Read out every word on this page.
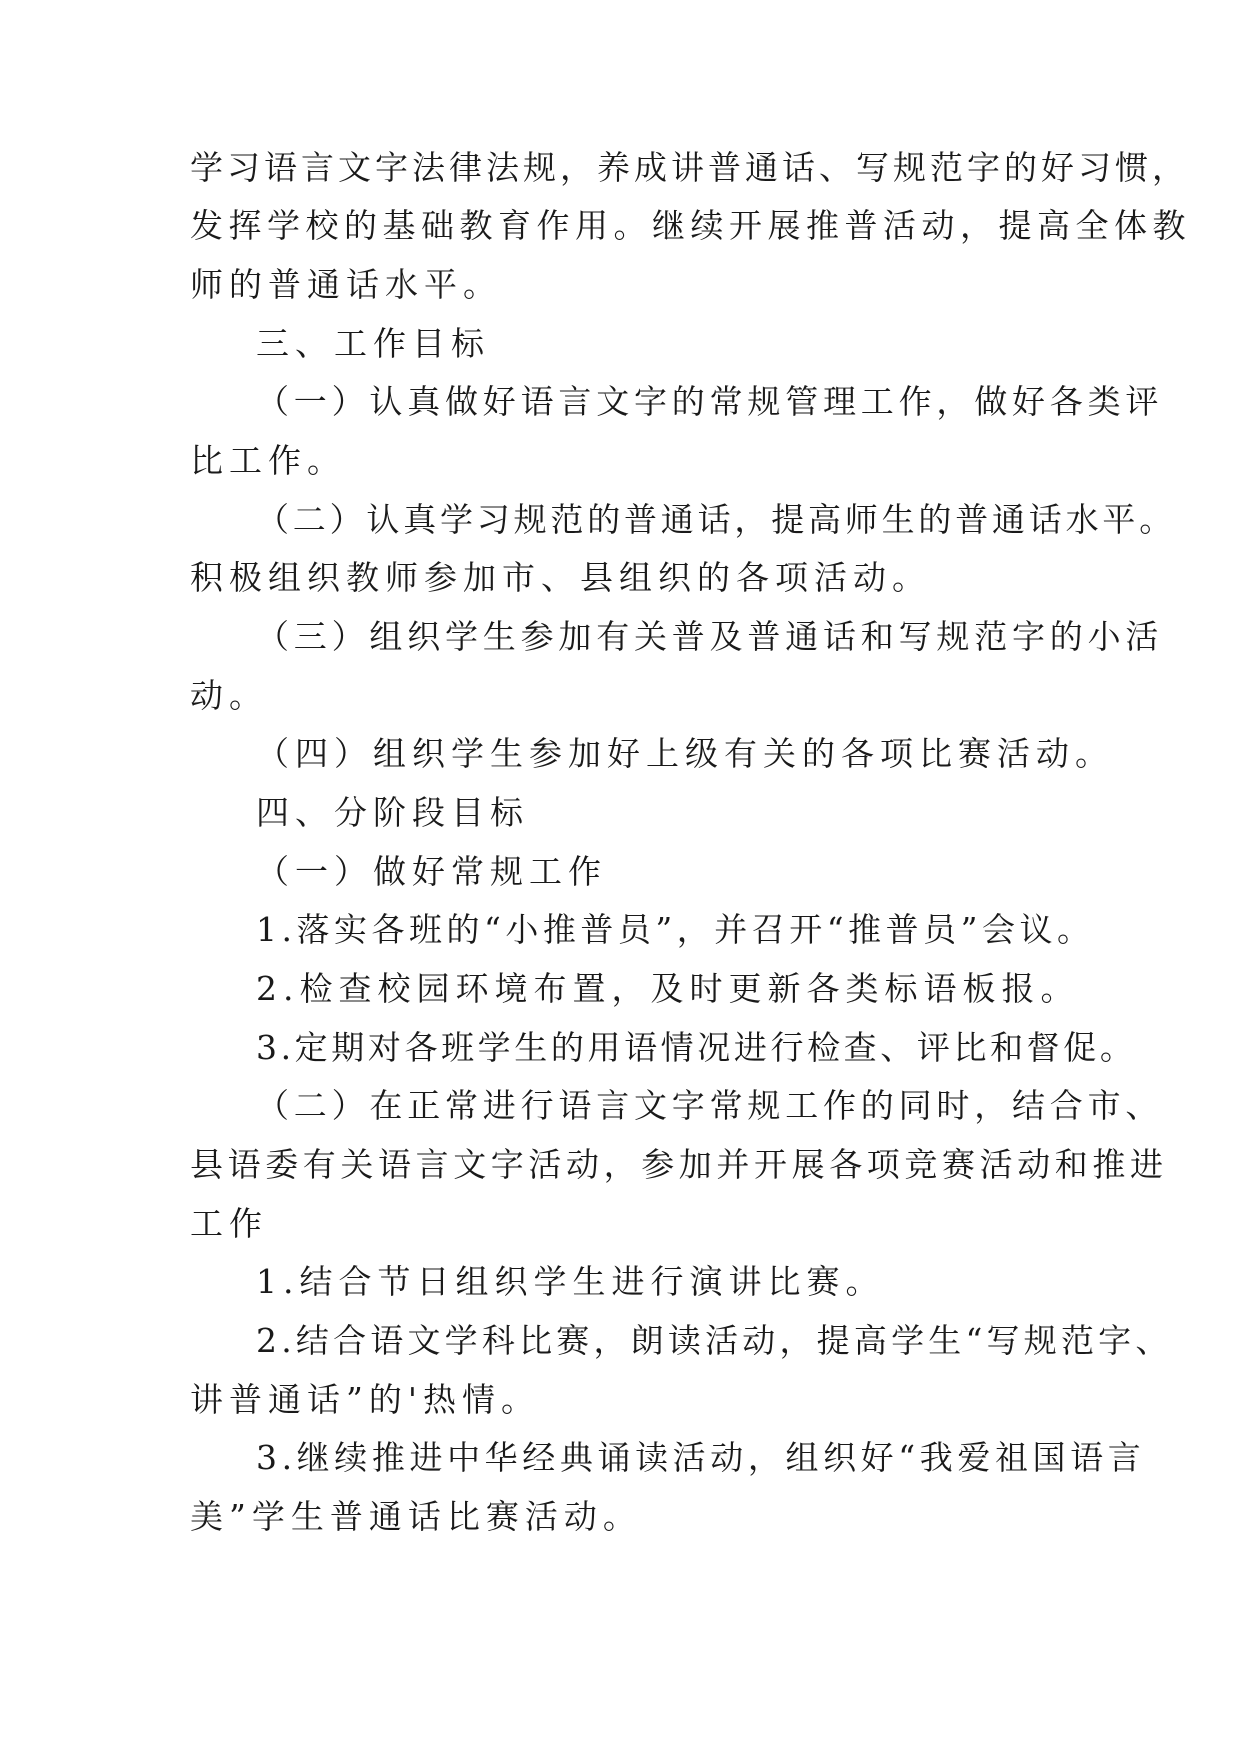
学习语言文字法律法规，养成讲普通话、写规范字的好习惯，
发挥学校的基础教育作用。继续开展推普活动，提高全体教
师的普通话水平。
三、工作目标
（一）认真做好语言文字的常规管理工作，做好各类评
比工作。
（二）认真学习规范的普通话，提高师生的普通话水平。
积极组织教师参加市、县组织的各项活动。
（三）组织学生参加有关普及普通话和写规范字的小活
动。
（四）组织学生参加好上级有关的各项比赛活动。
四、分阶段目标
（一）做好常规工作
1.落实各班的“小推普员”，并召开“推普员”会议。
2.检查校园环境布置，及时更新各类标语板报。
3.定期对各班学生的用语情况进行检查、评比和督促。
（二）在正常进行语言文字常规工作的同时，结合市、
县语委有关语言文字活动，参加并开展各项竞赛活动和推进
工作
1.结合节日组织学生进行演讲比赛。
2.结合语文学科比赛，朗读活动，提高学生“写规范字、
讲普通话”的'热情。
3.继续推进中华经典诵读活动，组织好“我爱祖国语言
美”学生普通话比赛活动。
